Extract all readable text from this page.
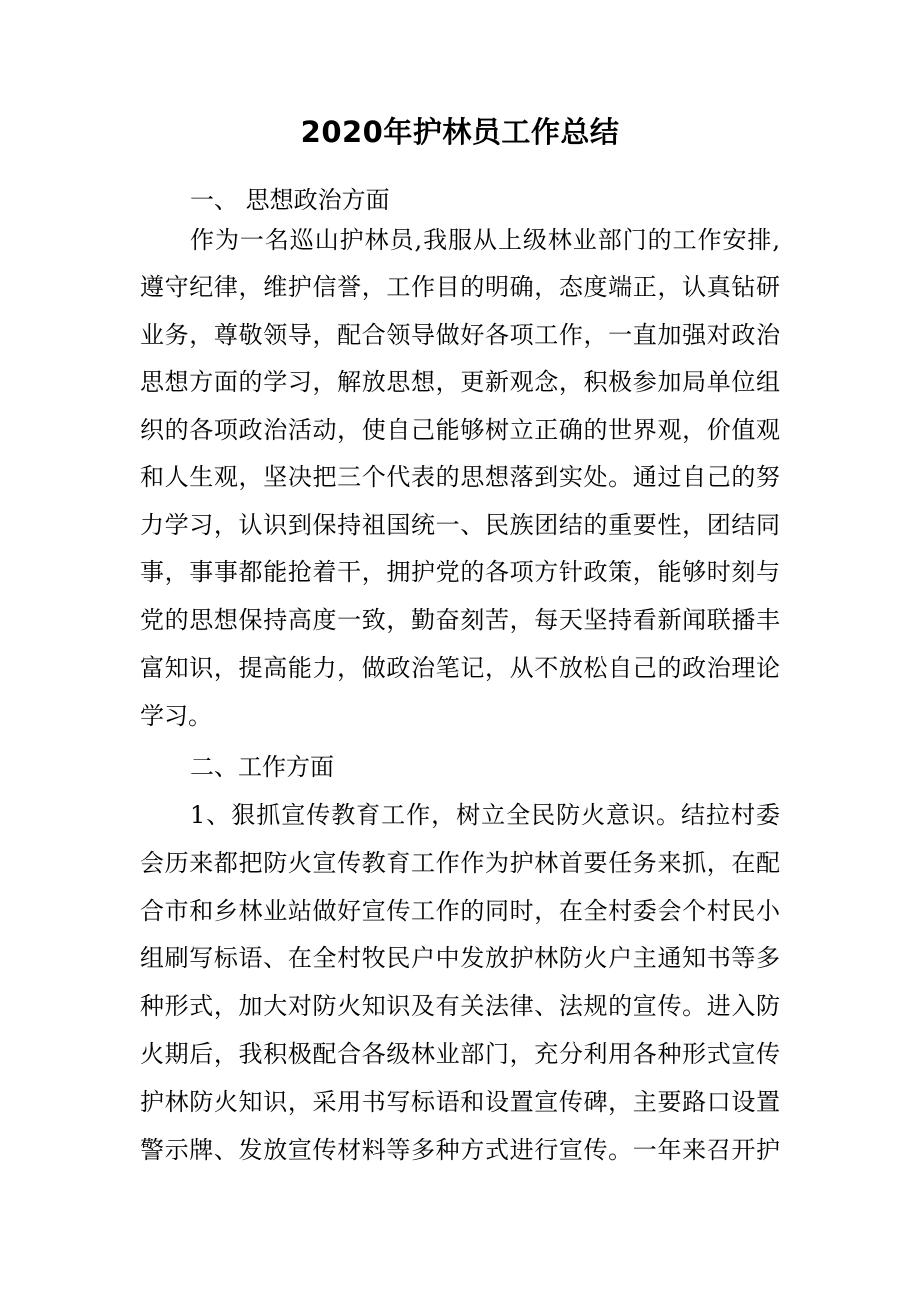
2020年护林员工作总结
一、 思想政治方面
作为一名巡山护林员,我服从上级林业部门的工作安排,
遵守纪律，维护信誉，工作目的明确，态度端正，认真钻研
业务，尊敬领导，配合领导做好各项工作，一直加强对政治
思想方面的学习，解放思想，更新观念，积极参加局单位组
织的各项政治活动，使自己能够树立正确的世界观，价值观
和人生观，坚决把三个代表的思想落到实处。通过自己的努
力学习，认识到保持祖国统一、民族团结的重要性，团结同
事，事事都能抢着干，拥护党的各项方针政策，能够时刻与
党的思想保持高度一致，勤奋刻苦，每天坚持看新闻联播丰
富知识，提高能力，做政治笔记，从不放松自己的政治理论
学习。
二、工作方面
1、狠抓宣传教育工作，树立全民防火意识。结拉村委
会历来都把防火宣传教育工作作为护林首要任务来抓，在配
合市和乡林业站做好宣传工作的同时，在全村委会个村民小
组刷写标语、在全村牧民户中发放护林防火户主通知书等多
种形式，加大对防火知识及有关法律、法规的宣传。进入防
火期后，我积极配合各级林业部门，充分利用各种形式宣传
护林防火知识，采用书写标语和设置宣传碑，主要路口设置
警示牌、发放宣传材料等多种方式进行宣传。一年来召开护
